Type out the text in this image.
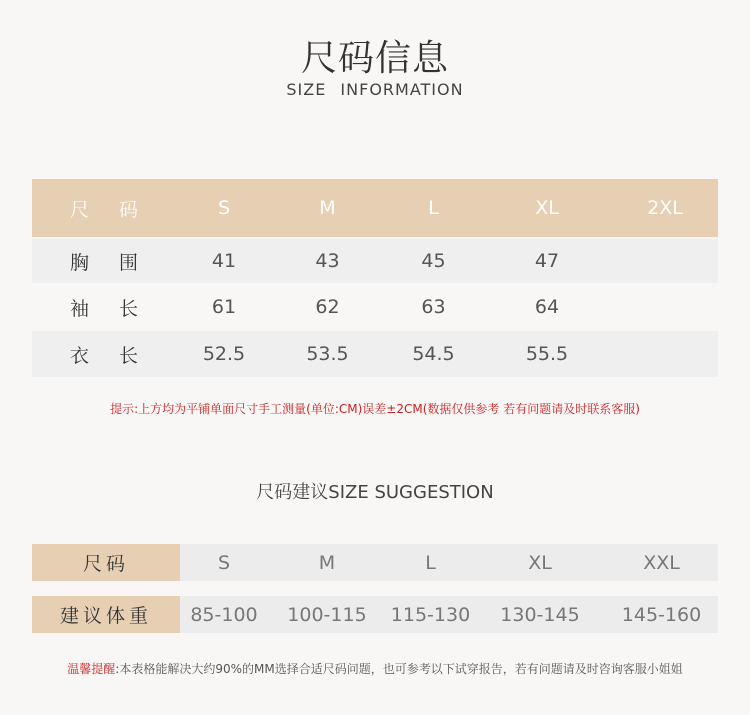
尺码信息
SIZE INFORMATION
尺 码	S	M	L	XL	2XL
胸 围	41	43	45	47
袖 长	61	62	63	64
衣 长	52.5	53.5	54.5	55.5
提示:上方均为平铺单面尺寸手工测量(单位:CM)误差±2CM(数据仅供参考 若有问题请及时联系客服)
尺码建议SIZE SUGGESTION
尺码	S	M	L	XL	XXL
建议体重	85-100	100-115	115-130	130-145	145-160
温馨提醒:本表格能解决大约90%的MM选择合适尺码问题，也可参考以下试穿报告，若有问题请及时咨询客服小姐姐
